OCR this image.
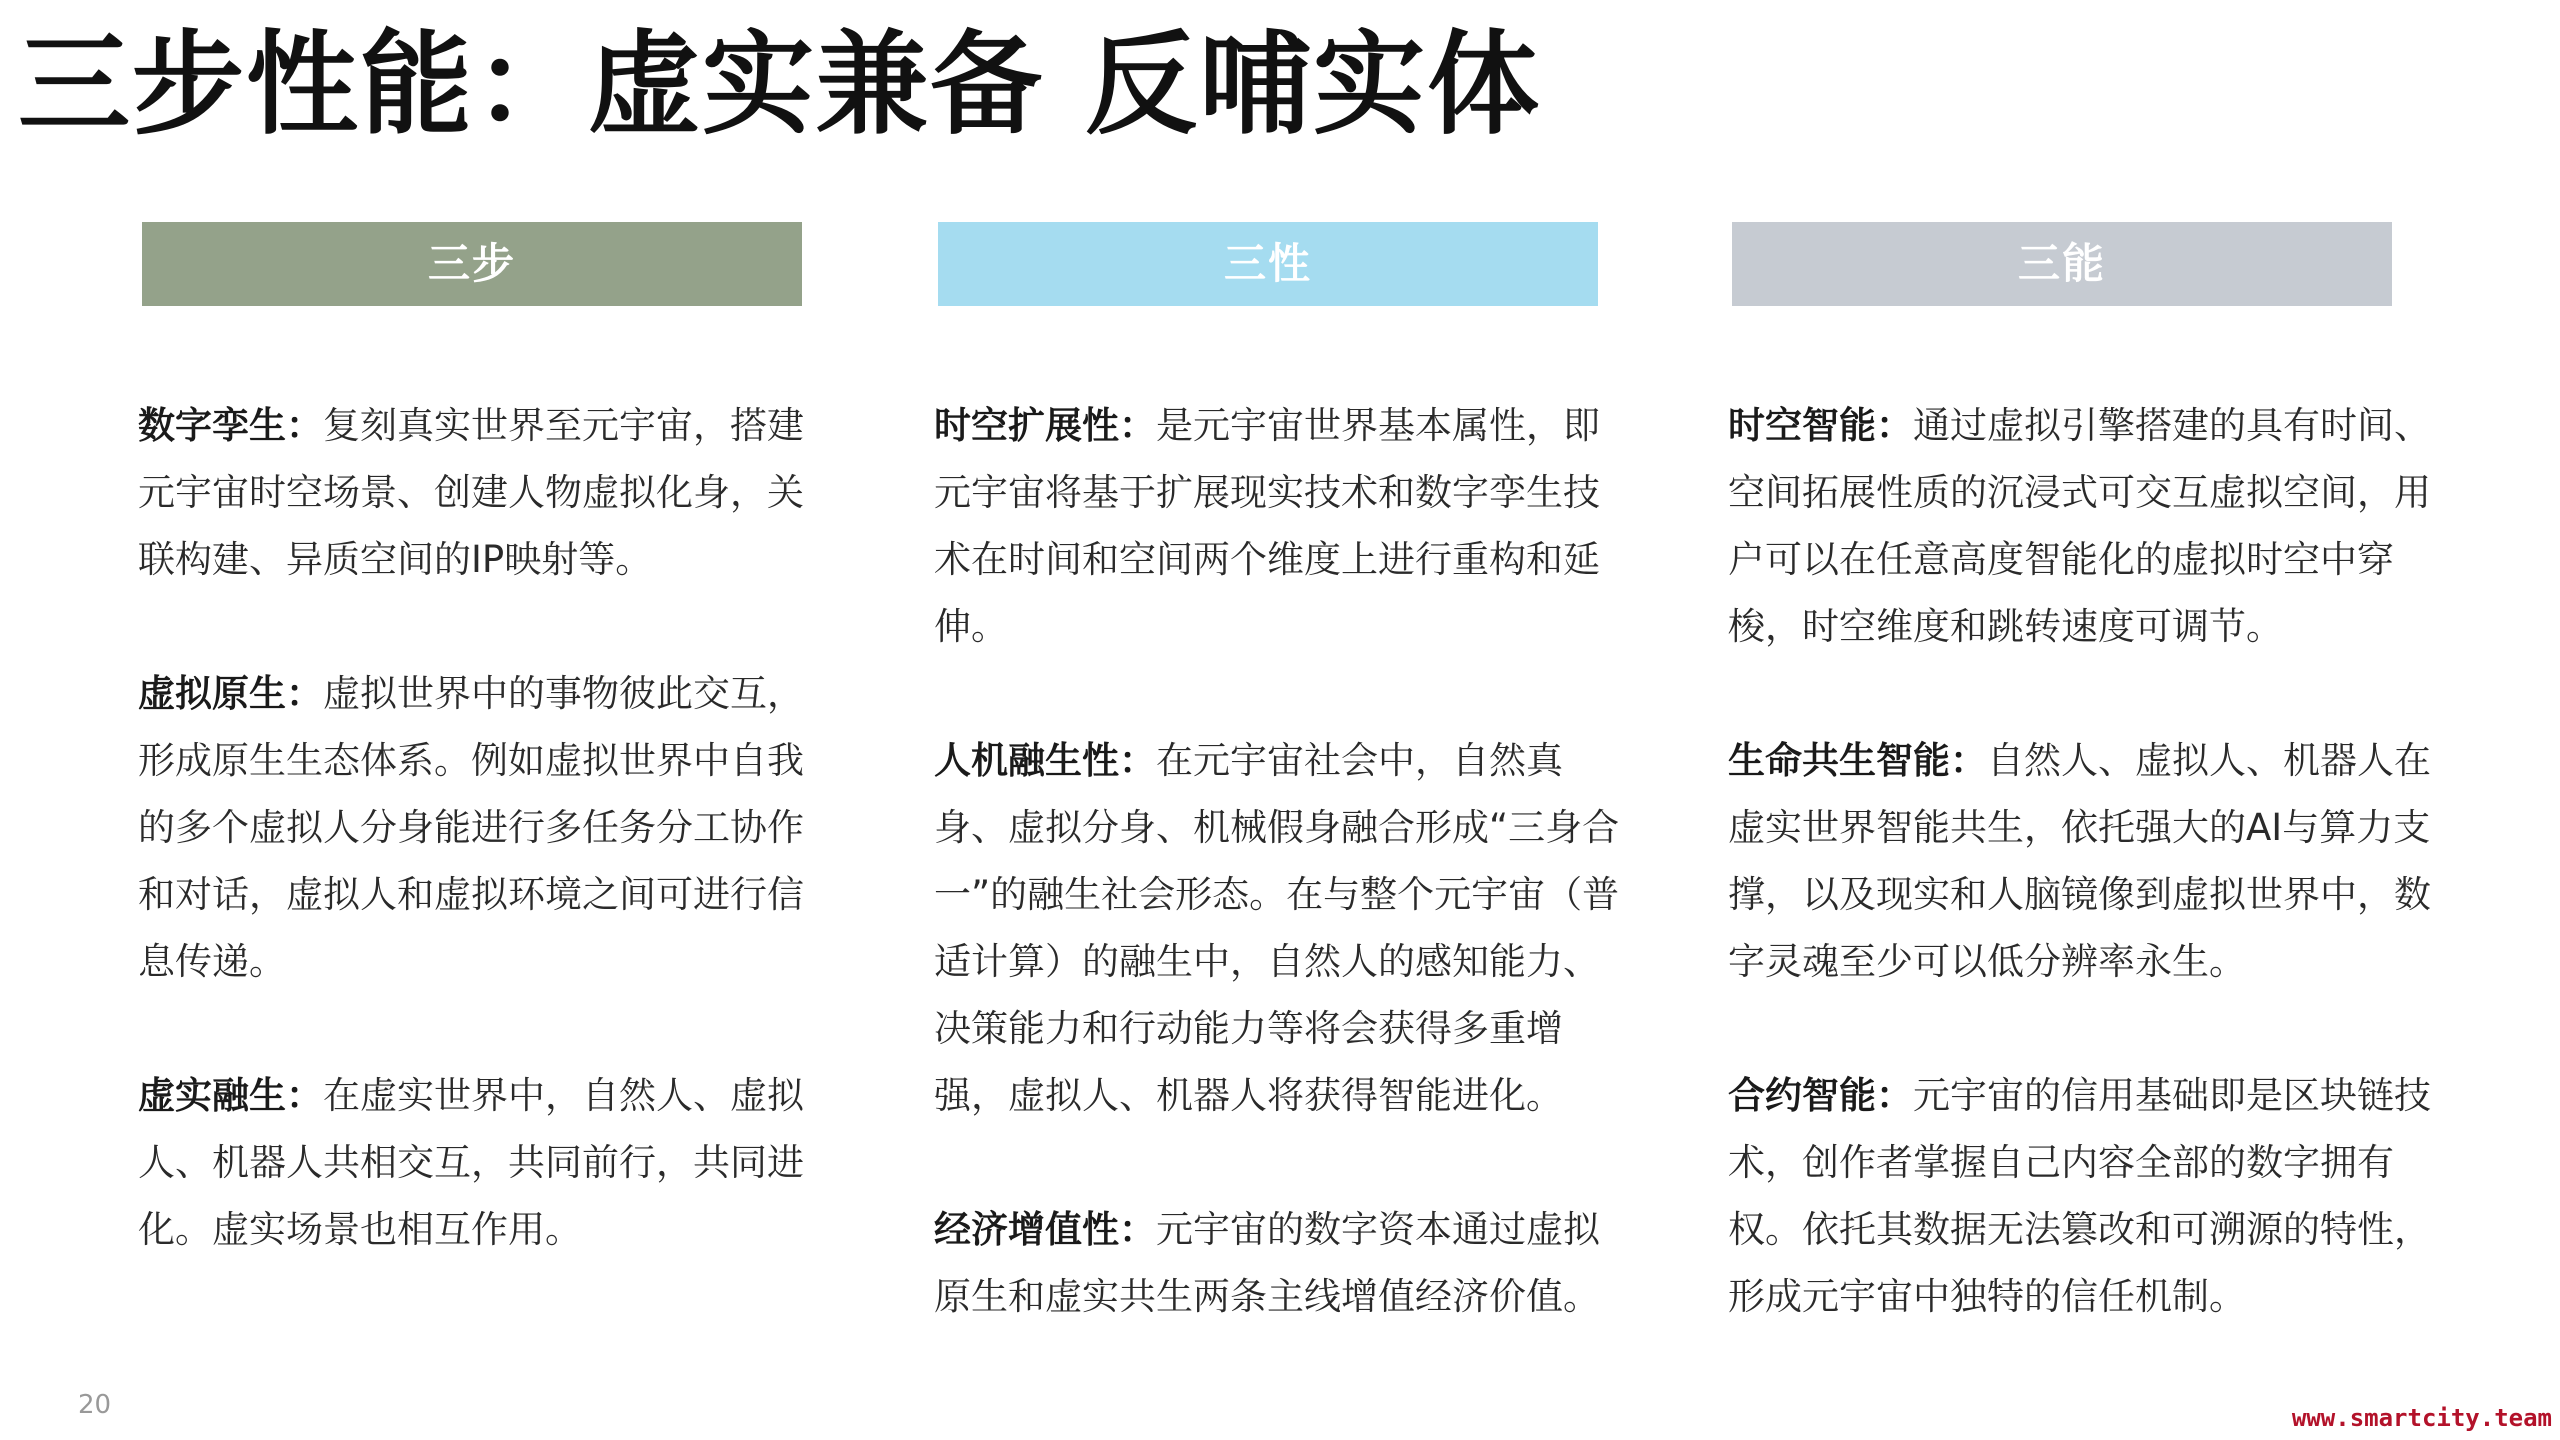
三步性能：虚实兼备 反哺实体
三步

数字孪生：复刻真实世界至元宇宙，搭建元宇宙时空场景、创建人物虚拟化身，关联构建、异质空间的IP映射等。

虚拟原生：虚拟世界中的事物彼此交互，形成原生生态体系。例如虚拟世界中自我的多个虚拟人分身能进行多任务分工协作和对话，虚拟人和虚拟环境之间可进行信息传递。

虚实融生：在虚实世界中，自然人、虚拟人、机器人共相交互，共同前行，共同进化。虚实场景也相互作用。

三性

时空扩展性：是元宇宙世界基本属性，即元宇宙将基于扩展现实技术和数字孪生技术在时间和空间两个维度上进行重构和延伸。

人机融生性：在元宇宙社会中，自然真身、虚拟分身、机械假身融合形成“三身合一”的融生社会形态。在与整个元宇宙（普适计算）的融生中，自然人的感知能力、决策能力和行动能力等将会获得多重增强，虚拟人、机器人将获得智能进化。

经济增值性：元宇宙的数字资本通过虚拟原生和虚实共生两条主线增值经济价值。

三能

时空智能：通过虚拟引擎搭建的具有时间、空间拓展性质的沉浸式可交互虚拟空间，用户可以在任意高度智能化的虚拟时空中穿梭，时空维度和跳转速度可调节。

生命共生智能：自然人、虚拟人、机器人在虚实世界智能共生，依托强大的AI与算力支撑，以及现实和人脑镜像到虚拟世界中，数字灵魂至少可以低分辨率永生。

合约智能：元宇宙的信用基础即是区块链技术，创作者掌握自己内容全部的数字拥有权。依托其数据无法篡改和可溯源的特性，形成元宇宙中独特的信任机制。

20	www.smartcity.team
